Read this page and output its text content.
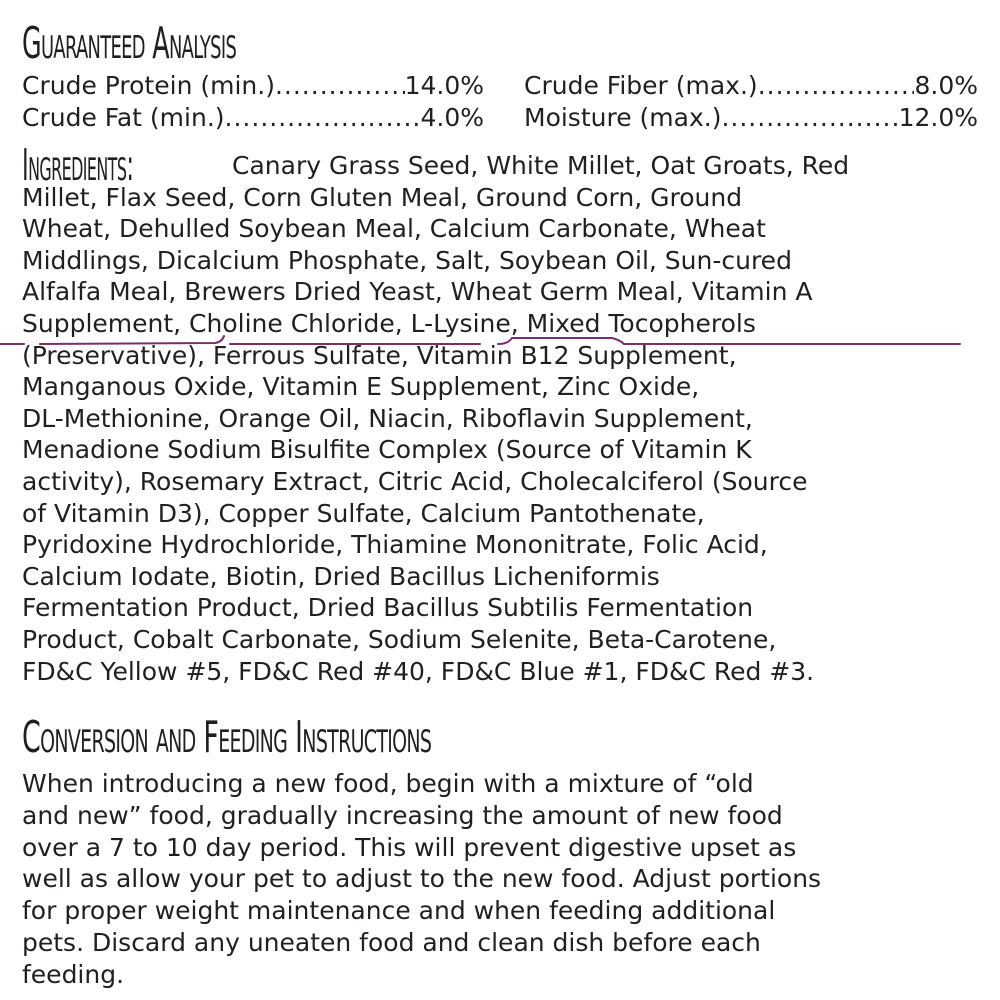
Guaranteed Analysis
Crude Protein (min.) .....	14.0%
Crude Fat (min.) .....	4.0%
Crude Fiber (max.) .....	8.0%
Moisture (max.) .....	12.0%
Ingredients:	Canary Grass Seed, White Millet, Oat Groats, Red
Millet, Flax Seed, Corn Gluten Meal, Ground Corn, Ground
Wheat, Dehulled Soybean Meal, Calcium Carbonate, Wheat
Middlings, Dicalcium Phosphate, Salt, Soybean Oil, Sun-cured
Alfalfa Meal, Brewers Dried Yeast, Wheat Germ Meal, Vitamin A
Supplement, Choline Chloride, L-Lysine, Mixed Tocopherols
(Preservative), Ferrous Sulfate, Vitamin B12 Supplement,
Manganous Oxide, Vitamin E Supplement, Zinc Oxide,
DL-Methionine, Orange Oil, Niacin, Riboflavin Supplement,
Menadione Sodium Bisulfite Complex (Source of Vitamin K
activity), Rosemary Extract, Citric Acid, Cholecalciferol (Source
of Vitamin D3), Copper Sulfate, Calcium Pantothenate,
Pyridoxine Hydrochloride, Thiamine Mononitrate, Folic Acid,
Calcium Iodate, Biotin, Dried Bacillus Licheniformis
Fermentation Product, Dried Bacillus Subtilis Fermentation
Product, Cobalt Carbonate, Sodium Selenite, Beta-Carotene,
FD&C Yellow #5, FD&C Red #40, FD&C Blue #1, FD&C Red #3.
Conversion and Feeding Instructions
When introducing a new food, begin with a mixture of “old
and new” food, gradually increasing the amount of new food
over a 7 to 10 day period. This will prevent digestive upset as
well as allow your pet to adjust to the new food. Adjust portions
for proper weight maintenance and when feeding additional
pets. Discard any uneaten food and clean dish before each
feeding.
